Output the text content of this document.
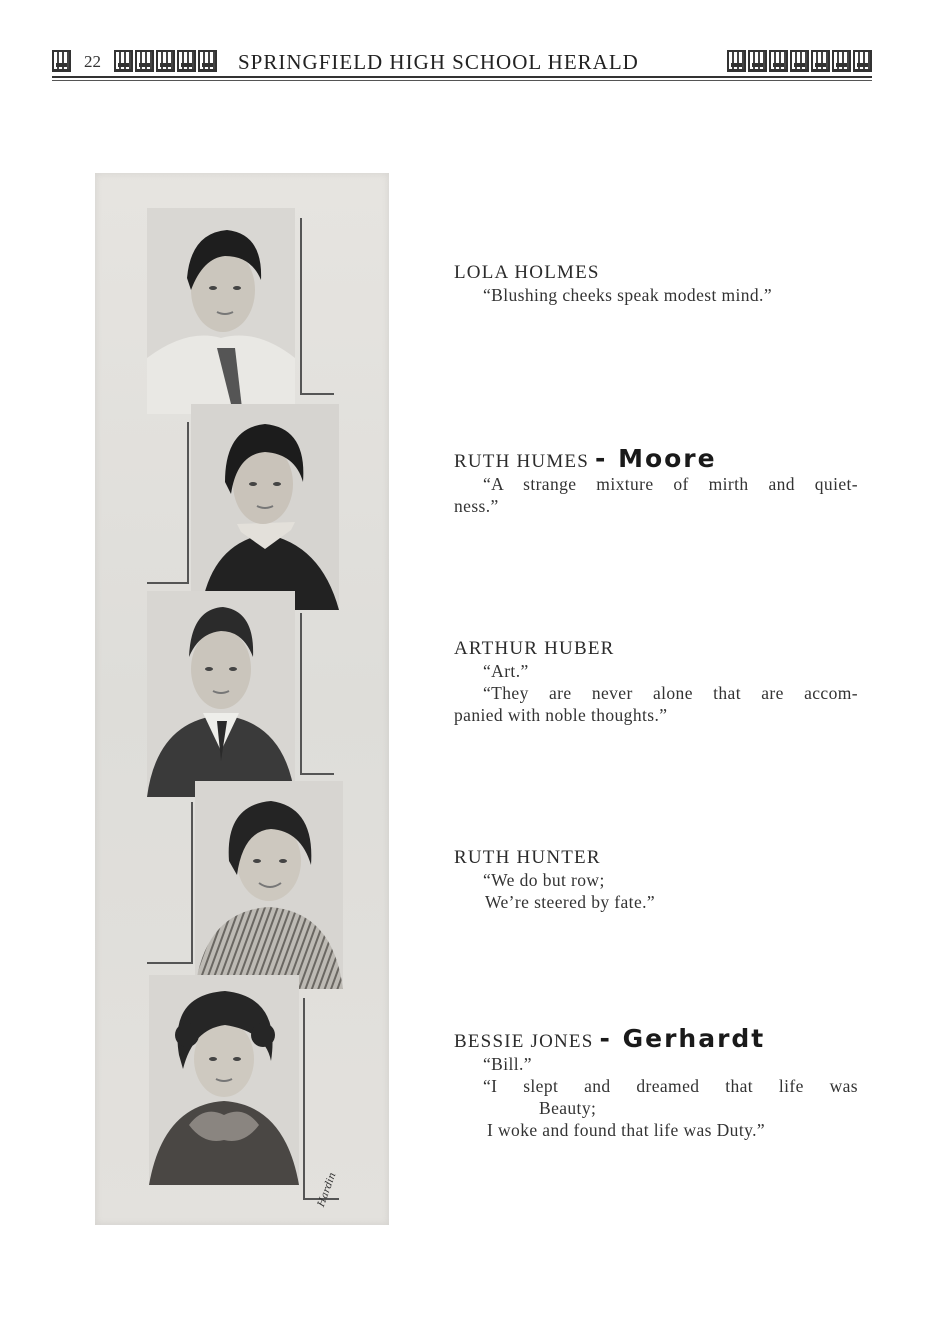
22	SPRINGFIELD HIGH SCHOOL HERALD
Hardin
LOLA HOLMES
“Blushing cheeks speak modest mind.”
RUTH HUMES - Moore
“A strange mixture of mirth and quiet-
ness.”
ARTHUR HUBER
“Art.”
“They are never alone that are accom-
panied with noble thoughts.”
RUTH HUNTER
“We do but row;
We’re steered by fate.”
BESSIE JONES - Gerhardt
“Bill.”
“I slept and dreamed that life was
Beauty;
I woke and found that life was Duty.”
